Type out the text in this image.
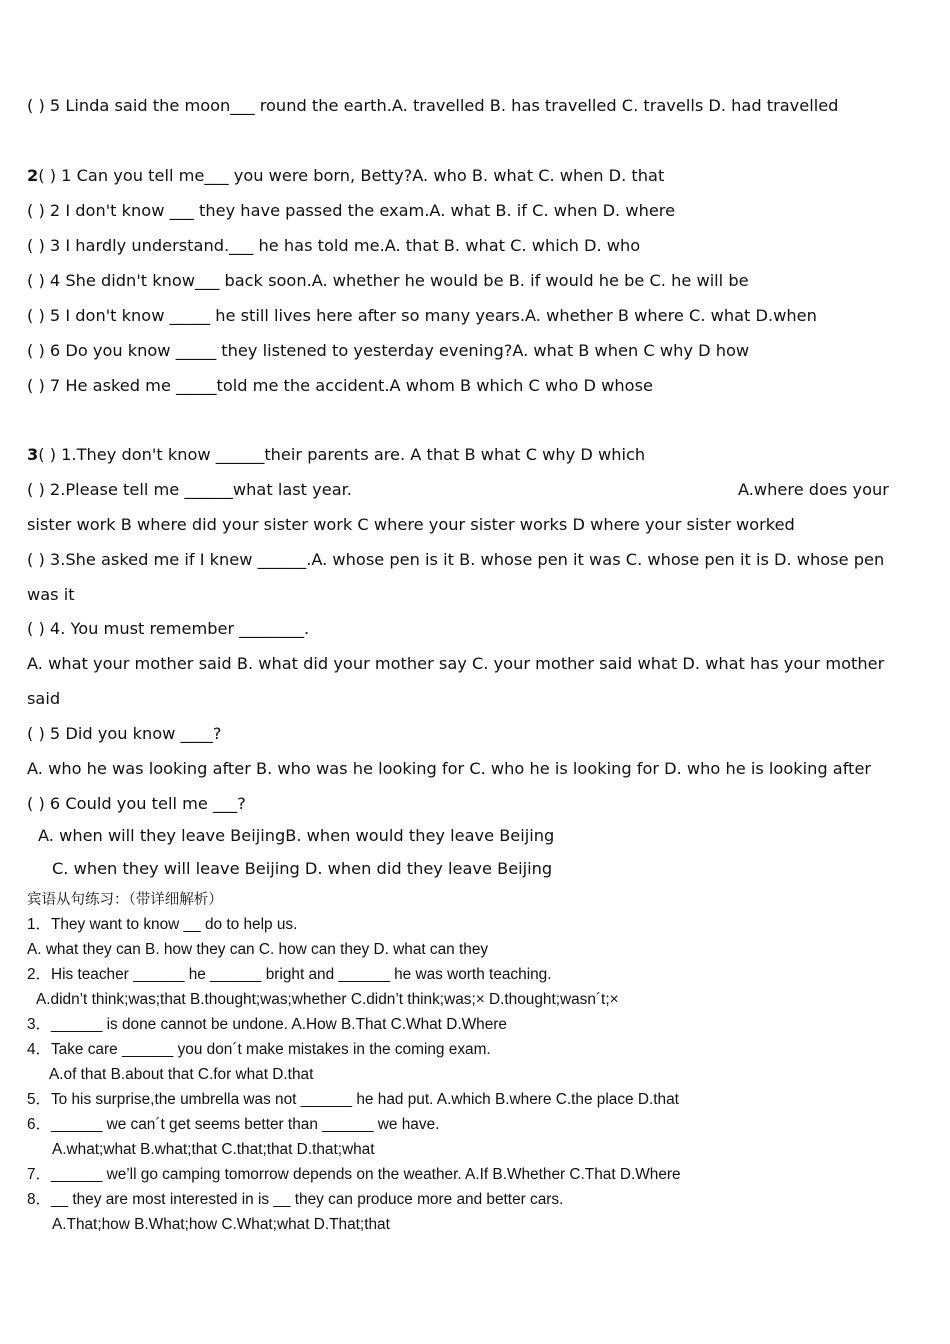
( ) 5 Linda said the moon___ round the earth.A. travelled B. has travelled C. travells D. had travelled
2( ) 1 Can you tell me___ you were born, Betty?A. who B. what C. when D. that
( ) 2 I don't know ___ they have passed the exam.A. what B. if C. when D. where
( ) 3 I hardly understand.___ he has told me.A. that B. what C. which D. who
( ) 4 She didn't know___ back soon.A. whether he would be B. if would he be C. he will be
( ) 5 I don't know _____ he still lives here after so many years.A. whether B where C. what D.when
( ) 6 Do you know _____ they listened to yesterday evening?A. what B when C why D how
( ) 7 He asked me _____told me the accident.A whom B which C who D whose
3( ) 1.They don't know ______their parents are. A that B what C why D which
( ) 2.Please tell me ______what last year.	A.where does your
sister work B where did your sister work C where your sister works D where your sister worked
( ) 3.She asked me if I knew ______.A. whose pen is it B. whose pen it was C. whose pen it is D. whose pen
was it
( ) 4. You must remember ________.
A. what your mother said B. what did your mother say C. your mother said what D. what has your mother
said
( ) 5 Did you know ____?
A. who he was looking after B. who was he looking for C. who he is looking for D. who he is looking after
( ) 6 Could you tell me ___?
A. when will they leave BeijingB. when would they leave Beijing
C. when they will leave Beijing D. when did they leave Beijing
宾语从句练习：（带详细解析）
1．They want to know __ do to help us.
A. what they can B. how they can C. how can they D. what can they
2．His teacher ______ he ______ bright and ______ he was worth teaching.
A.didn’t think;was;that B.thought;was;whether C.didn’t think;was;× D.thought;wasn´t;×
3．______ is done cannot be undone. A.How B.That C.What D.Where
4．Take care ______ you don´t make mistakes in the coming exam.
A.of that B.about that C.for what D.that
5．To his surprise,the umbrella was not ______ he had put. A.which B.where C.the place D.that
6．______ we can´t get seems better than ______ we have.
A.what;what B.what;that C.that;that D.that;what
7．______ we’ll go camping tomorrow depends on the weather. A.If B.Whether C.That D.Where
8．__ they are most interested in is __ they can produce more and better cars.
A.That;how B.What;how C.What;what D.That;that
